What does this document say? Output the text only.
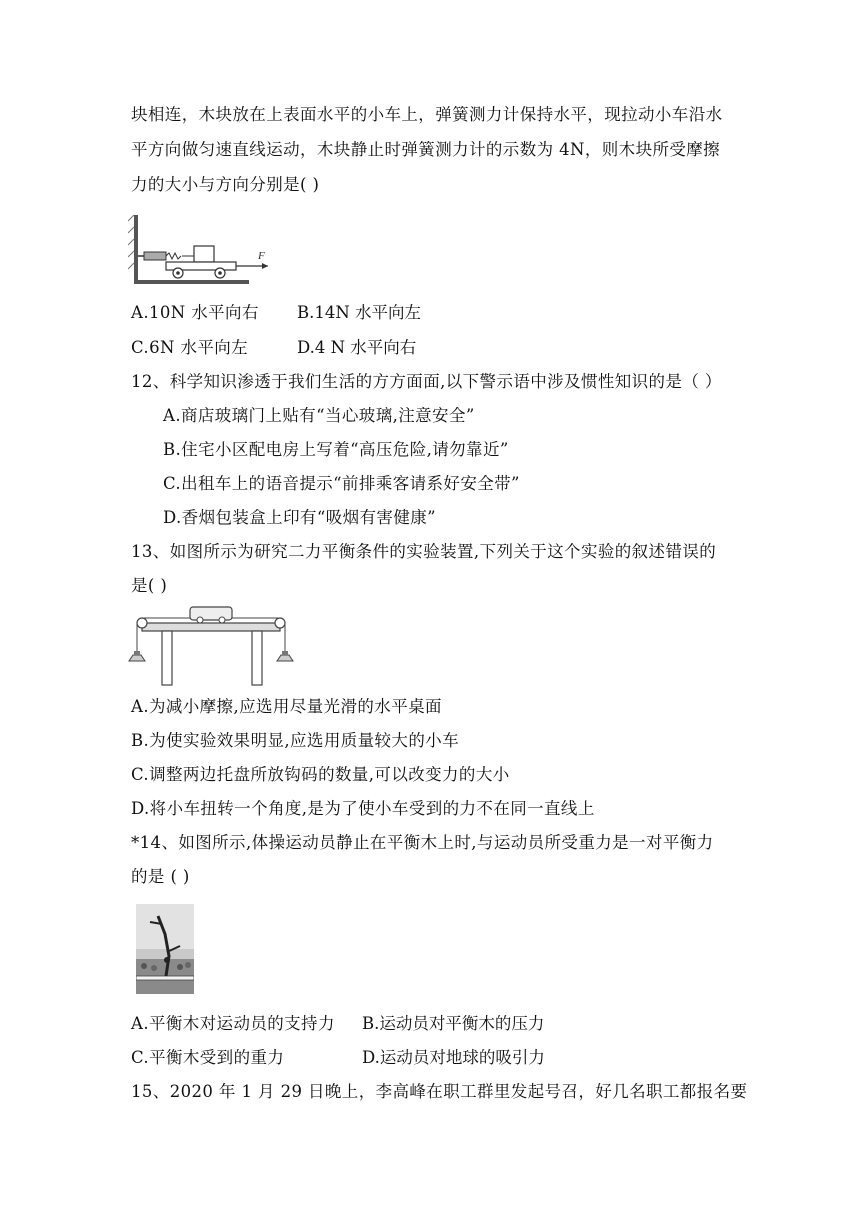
块相连，木块放在上表面水平的小车上，弹簧测力计保持水平，现拉动小车沿水
平方向做匀速直线运动，木块静止时弹簧测力计的示数为 4N，则木块所受摩擦
力的大小与方向分别是( )
F
A.10N 水平向右 B.14N 水平向左
C.6N 水平向左	D.4 N 水平向右
12、科学知识渗透于我们生活的方方面面,以下警示语中涉及惯性知识的是（ ）
A.商店玻璃门上贴有“当心玻璃,注意安全”
B.住宅小区配电房上写着“高压危险,请勿靠近”
C.出租车上的语音提示“前排乘客请系好安全带”
D.香烟包装盒上印有“吸烟有害健康”
13、如图所示为研究二力平衡条件的实验装置,下列关于这个实验的叙述错误的
是( )
A.为减小摩擦,应选用尽量光滑的水平桌面
B.为使实验效果明显,应选用质量较大的小车
C.调整两边托盘所放钩码的数量,可以改变力的大小
D.将小车扭转一个角度,是为了使小车受到的力不在同一直线上
*14、如图所示,体操运动员静止在平衡木上时,与运动员所受重力是一对平衡力
的是 ( )
A.平衡木对运动员的支持力 B.运动员对平衡木的压力
C.平衡木受到的重力	D.运动员对地球的吸引力
15、2020 年 1 月 29 日晚上，李高峰在职工群里发起号召，好几名职工都报名要
